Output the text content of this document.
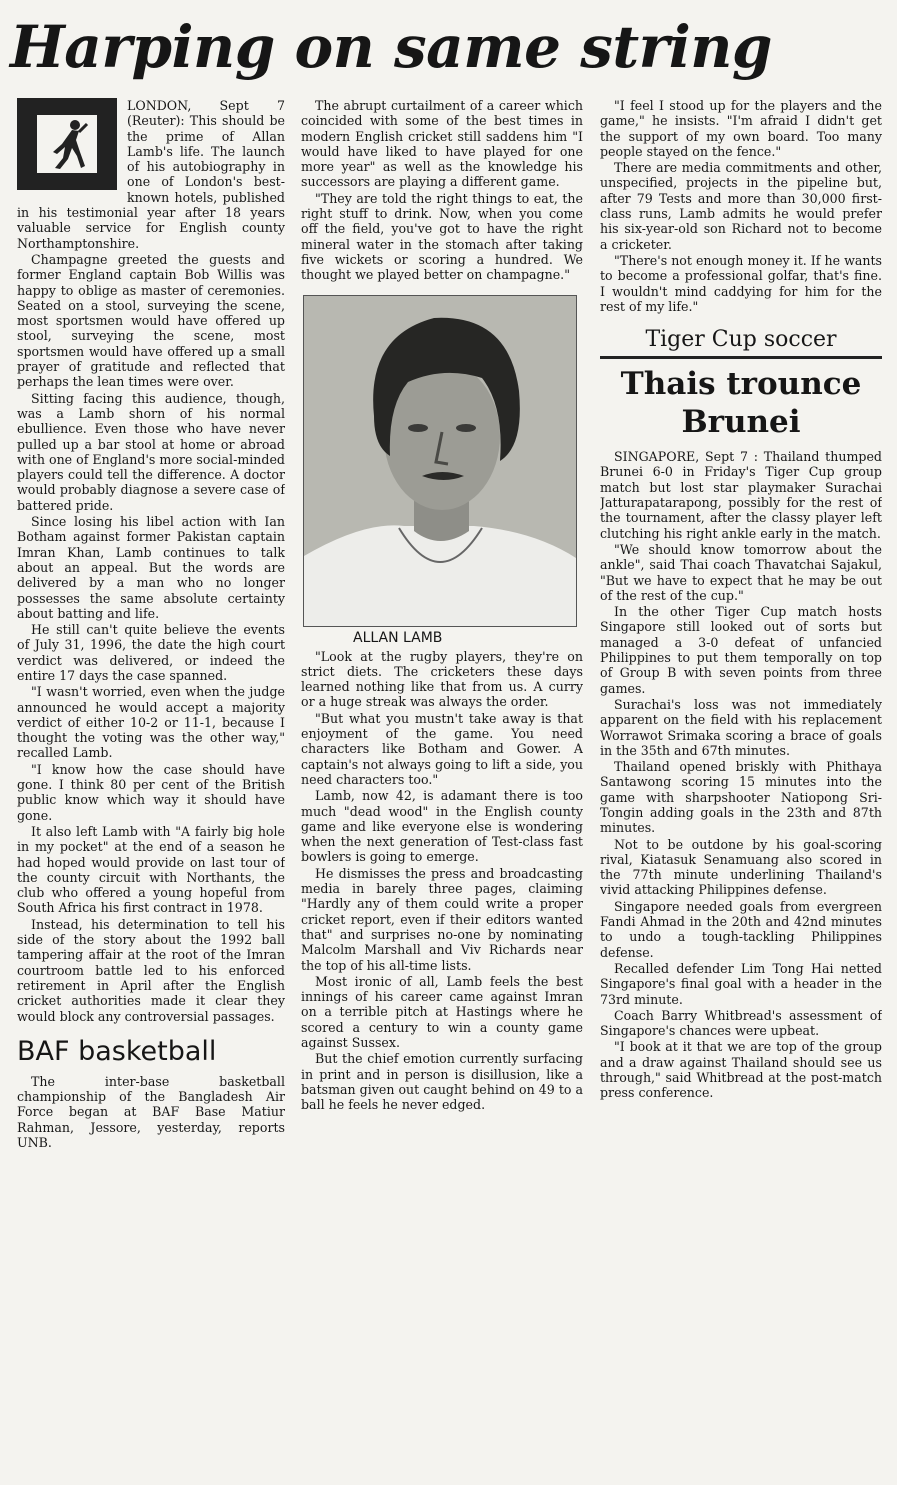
Harping on same string

LONDON, Sept 7 (Reuter): This should be the prime of Allan Lamb's life. The launch of his autobiography in one of London's best-known hotels, published in his testimonial year after 18 years valuable service for English county Northamptonshire.

Champagne greeted the guests and former England captain Bob Willis was happy to oblige as master of ceremonies. Seated on a stool, surveying the scene, most sportsmen would have offered up stool, surveying the scene, most sportsmen would have offered up a small prayer of gratitude and reflected that perhaps the lean times were over.

Sitting facing this audience, though, was a Lamb shorn of his normal ebullience. Even those who have never pulled up a bar stool at home or abroad with one of England's more social-minded players could tell the difference. A doctor would probably diagnose a severe case of battered pride.

Since losing his libel action with Ian Botham against former Pakistan captain Imran Khan, Lamb continues to talk about an appeal. But the words are delivered by a man who no longer possesses the same absolute certainty about batting and life.

He still can't quite believe the events of July 31, 1996, the date the high court verdict was delivered, or indeed the entire 17 days the case spanned.

"I wasn't worried, even when the judge announced he would accept a majority verdict of either 10-2 or 11-1, because I thought the voting was the other way," recalled Lamb.

"I know how the case should have gone. I think 80 per cent of the British public know which way it should have gone.

It also left Lamb with "A fairly big hole in my pocket" at the end of a season he had hoped would provide on last tour of the county circuit with Northants, the club who offered a young hopeful from South Africa his first contract in 1978.

Instead, his determination to tell his side of the story about the 1992 ball tampering affair at the root of the Imran courtroom battle led to his enforced retirement in April after the English cricket authorities made it clear they would block any controversial passages.

BAF basketball

The inter-base basketball championship of the Bangladesh Air Force began at BAF Base Matiur Rahman, Jessore, yesterday, reports UNB.

The abrupt curtailment of a career which coincided with some of the best times in modern English cricket still saddens him "I would have liked to have played for one more year" as well as the knowledge his successors are playing a different game.

"They are told the right things to eat, the right stuff to drink. Now, when you come off the field, you've got to have the right mineral water in the stomach after taking five wickets or scoring a hundred. We thought we played better on champagne."

ALLAN LAMB

"Look at the rugby players, they're on strict diets. The cricketers these days learned nothing like that from us. A curry or a huge streak was always the order.

"But what you mustn't take away is that enjoyment of the game. You need characters like Botham and Gower. A captain's not always going to lift a side, you need characters too."

Lamb, now 42, is adamant there is too much "dead wood" in the English county game and like everyone else is wondering when the next generation of Test-class fast bowlers is going to emerge.

He dismisses the press and broadcasting media in barely three pages, claiming "Hardly any of them could write a proper cricket report, even if their editors wanted that" and surprises no-one by nominating Malcolm Marshall and Viv Richards near the top of his all-time lists.

Most ironic of all, Lamb feels the best innings of his career came against Imran on a terrible pitch at Hastings where he scored a century to win a county game against Sussex.

But the chief emotion currently surfacing in print and in person is disillusion, like a batsman given out caught behind on 49 to a ball he feels he never edged.

"I feel I stood up for the players and the game," he insists. "I'm afraid I didn't get the support of my own board. Too many people stayed on the fence."

There are media commitments and other, unspecified, projects in the pipeline but, after 79 Tests and more than 30,000 first-class runs, Lamb admits he would prefer his six-year-old son Richard not to become a cricketer.

"There's not enough money it. If he wants to become a professional golfar, that's fine. I wouldn't mind caddying for him for the rest of my life."

Tiger Cup soccer
Thais trounce Brunei

SINGAPORE, Sept 7 : Thailand thumped Brunei 6-0 in Friday's Tiger Cup group match but lost star playmaker Surachai Jatturapatarapong, possibly for the rest of the tournament, after the classy player left clutching his right ankle early in the match.

"We should know tomorrow about the ankle", said Thai coach Thavatchai Sajakul, "But we have to expect that he may be out of the rest of the cup."

In the other Tiger Cup match hosts Singapore still looked out of sorts but managed a 3-0 defeat of unfancied Philippines to put them temporally on top of Group B with seven points from three games.

Surachai's loss was not immediately apparent on the field with his replacement Worrawot Srimaka scoring a brace of goals in the 35th and 67th minutes.

Thailand opened briskly with Phithaya Santawong scoring 15 minutes into the game with sharpshooter Natiopong Sri-Tongin adding goals in the 23th and 87th minutes.

Not to be outdone by his goal-scoring rival, Kiatasuk Senamuang also scored in the 77th minute underlining Thailand's vivid attacking Philippines defense.

Singapore needed goals from evergreen Fandi Ahmad in the 20th and 42nd minutes to undo a tough-tackling Philippines defense.

Recalled defender Lim Tong Hai netted Singapore's final goal with a header in the 73rd minute.

Coach Barry Whitbread's assessment of Singapore's chances were upbeat.

"I book at it that we are top of the group and a draw against Thailand should see us through," said Whitbread at the post-match press conference.
